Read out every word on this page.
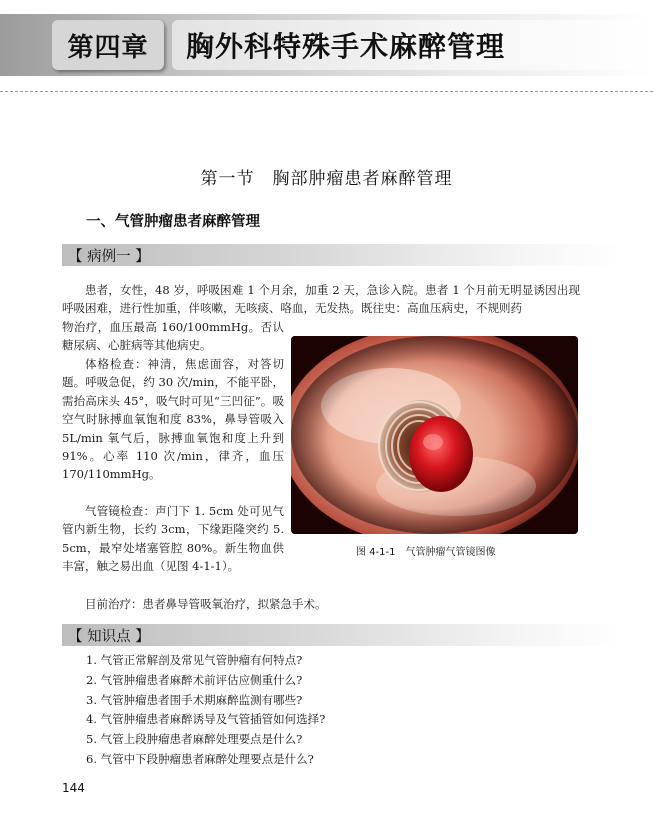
第四章	胸外科特殊手术麻醉管理
第一节　胸部肿瘤患者麻醉管理
一、气管肿瘤患者麻醉管理
【 病例一 】
患者，女性，48 岁，呼吸困难 1 个月余，加重 2 天，急诊入院。患者 1 个月前无明显诱因出现呼吸困难，进行性加重，伴咳嗽，无咳痰、咯血，无发热。既往史：高血压病史，不规则药
物治疗，血压最高 160/100mmHg。否认糖尿病、心脏病等其他病史。
体格检查：神清，焦虑面容，对答切题。呼吸急促，约 30 次/min，不能平卧，需抬高床头 45°，吸气时可见“三凹征”。吸空气时脉搏血氧饱和度 83%，鼻导管吸入 5L/min 氧气后，脉搏血氧饱和度上升到 91%。心率 110 次/min，律齐，血压 170/110mmHg。
气管镜检查：声门下 1. 5cm 处可见气管内新生物，长约 3cm，下缘距隆突约 5. 5cm，最窄处堵塞管腔 80%。新生物血供丰富，触之易出血（见图 4-1-1）。
目前治疗：患者鼻导管吸氧治疗，拟紧急手术。
图 4-1-1　气管肿瘤气管镜图像
【 知识点 】
1. 气管正常解剖及常见气管肿瘤有何特点?
2. 气管肿瘤患者麻醉术前评估应侧重什么?
3. 气管肿瘤患者围手术期麻醉监测有哪些?
4. 气管肿瘤患者麻醉诱导及气管插管如何选择?
5. 气管上段肿瘤患者麻醉处理要点是什么?
6. 气管中下段肿瘤患者麻醉处理要点是什么?
144
